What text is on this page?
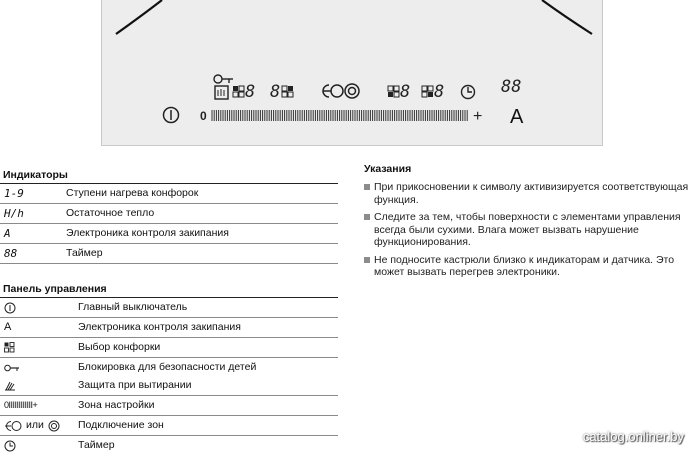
8 8	8 8	88
0	+ A
Индикаторы
1-9	Ступени нагрева конфорок
H/h	Остаточное тепло
A	Электроника контроля закипания
88	Таймер
Панель управления
Главный выключатель
A	Электроника контроля закипания
Выбор конфорки
Блокировка для безопасности детей
Защита при вытирании
0IIIIIIIIIIII+	Зона настройки
или	Подключение зон
Таймер
Указания
При прикосновении к символу активизируется соответствующая функция.
Следите за тем, чтобы поверхности с элементами управления всегда были сухими. Влага может вызвать нарушение функционирования.
Не подносите кастрюли близко к индикаторам и датчика. Это может вызвать перегрев электроники.
catalog.onliner.by
